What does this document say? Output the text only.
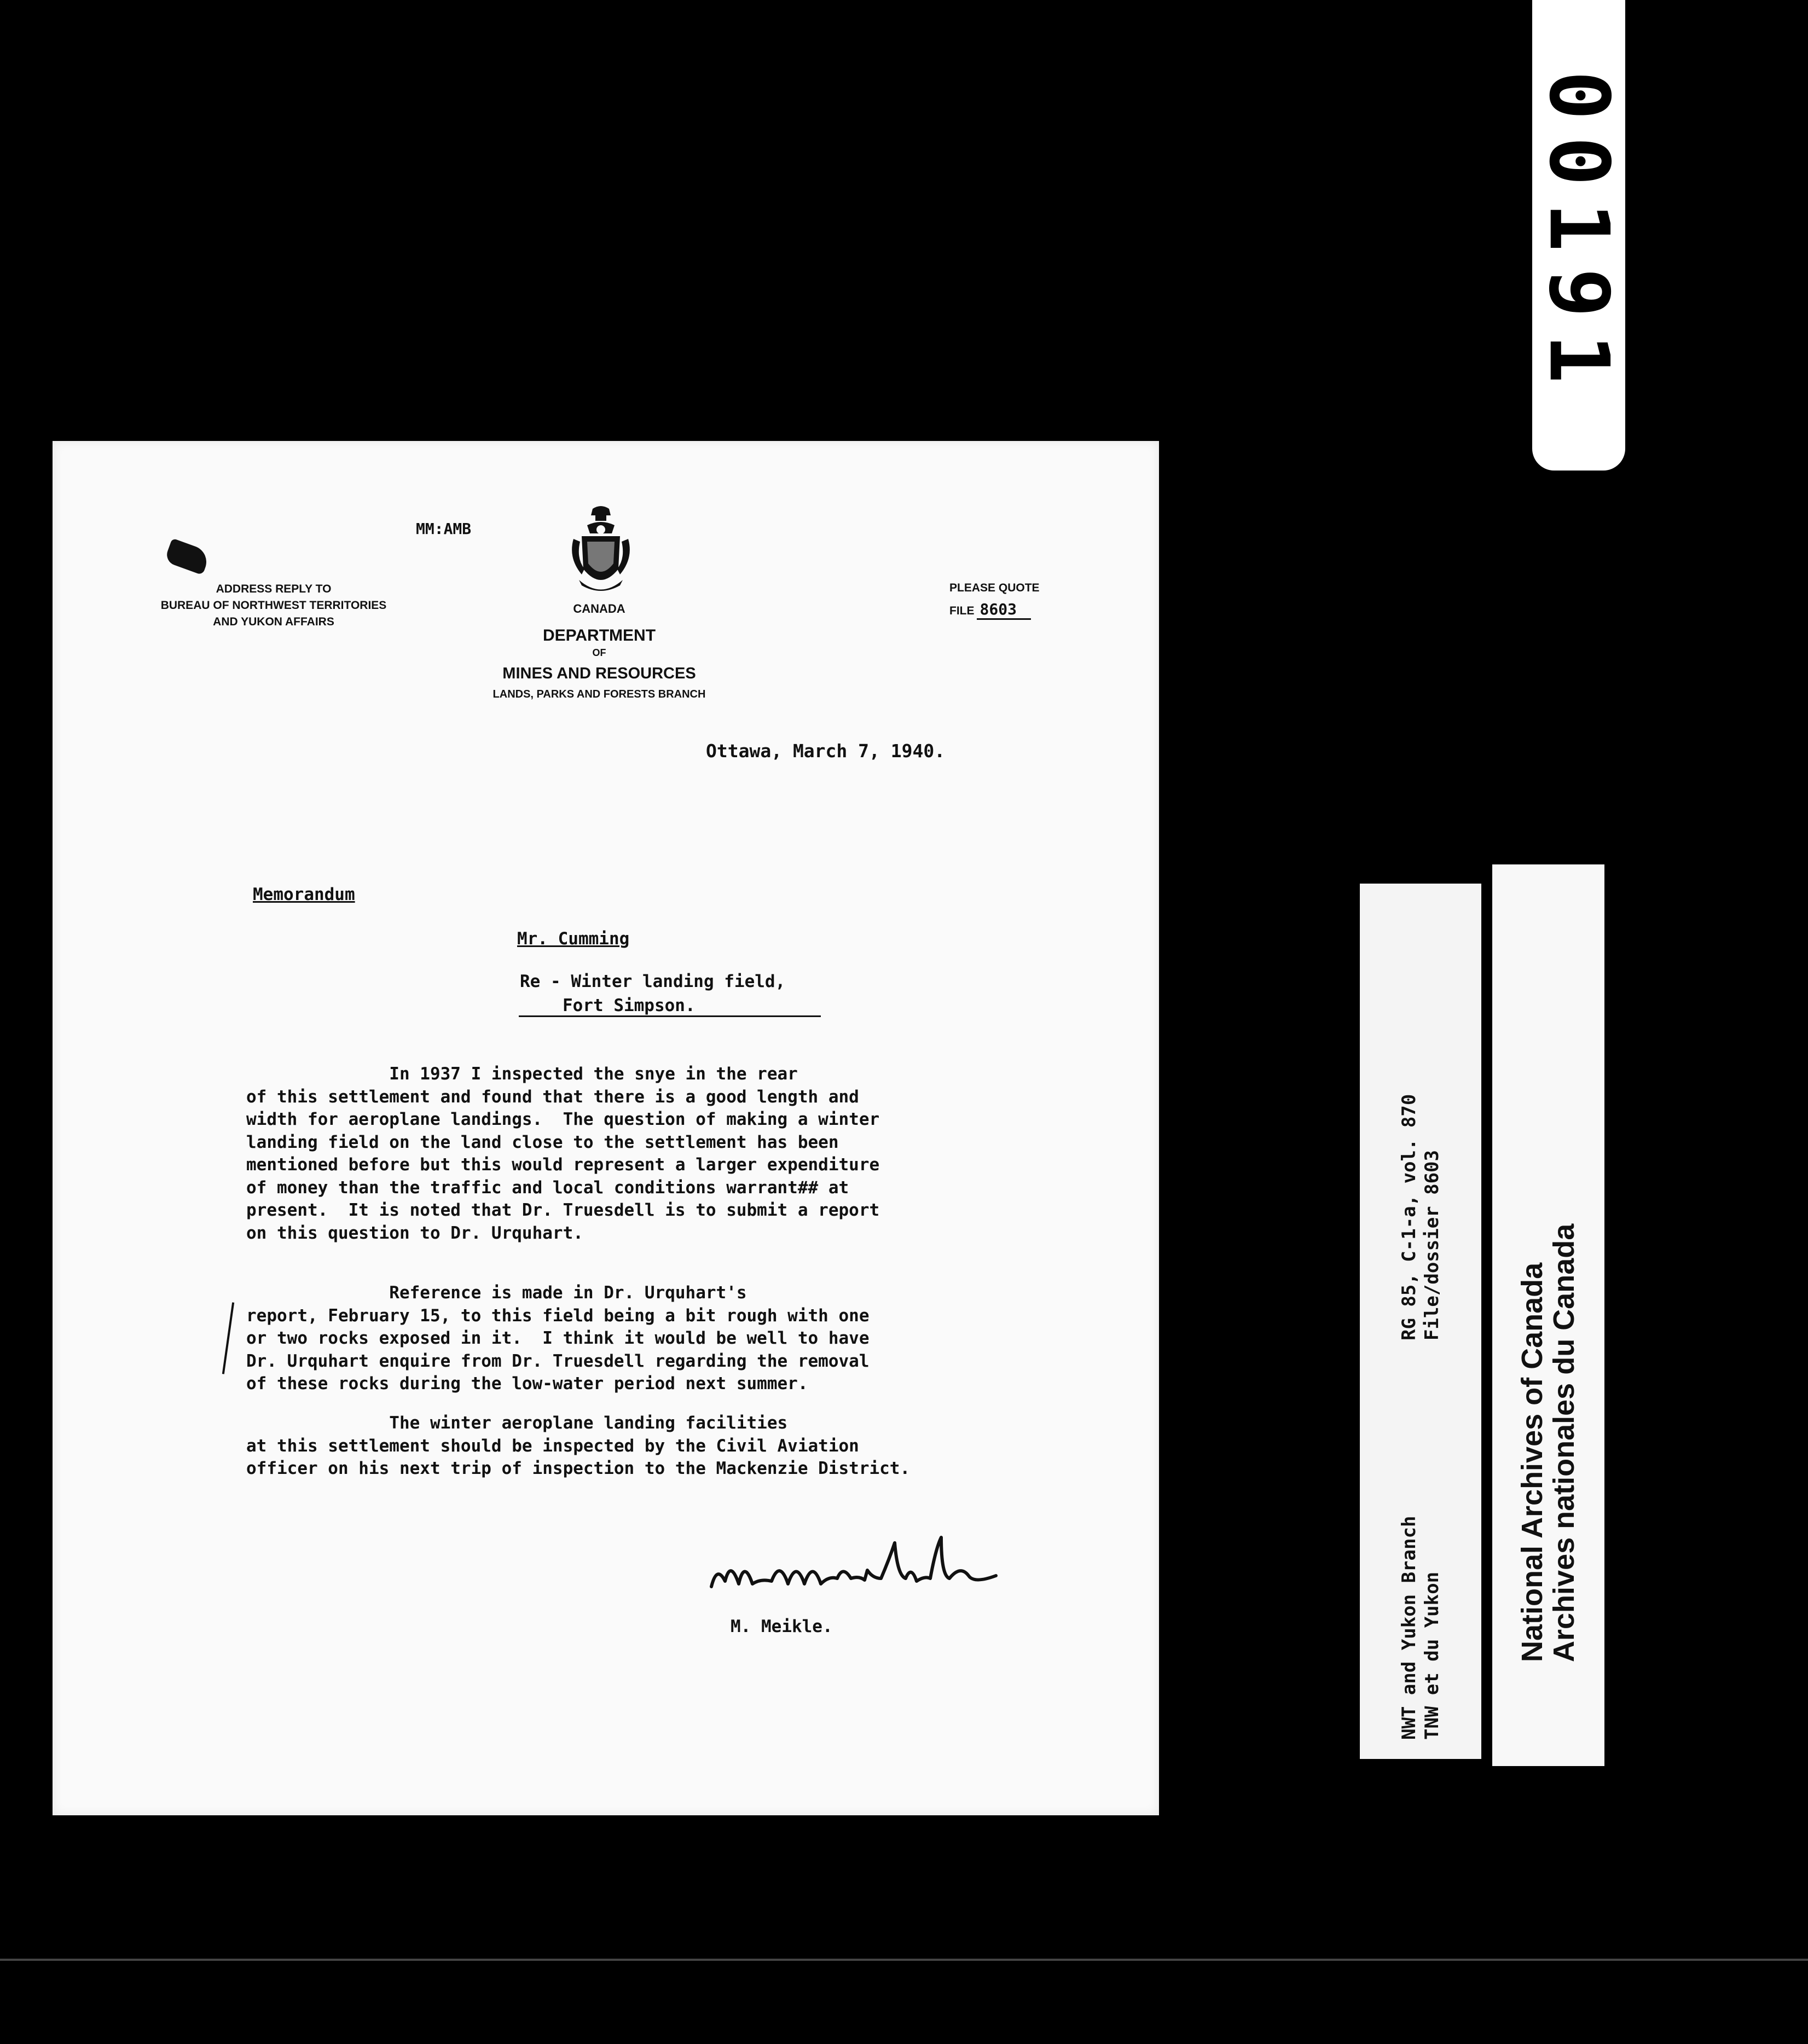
00191
MM:AMB
ADDRESS REPLY TO
BUREAU OF NORTHWEST TERRITORIES
AND YUKON AFFAIRS
CANADA
DEPARTMENT
OF
MINES AND RESOURCES
LANDS, PARKS AND FORESTS BRANCH
PLEASE QUOTE
FILE 8603
Ottawa, March 7, 1940.
Memorandum
Mr. Cumming
Re - Winter landing field,
Fort Simpson.
In 1937 I inspected the snye in the rear
of this settlement and found that there is a good length and
width for aeroplane landings.  The question of making a winter
landing field on the land close to the settlement has been
mentioned before but this would represent a larger expenditure
of money than the traffic and local conditions warrant## at
present.  It is noted that Dr. Truesdell is to submit a report
on this question to Dr. Urquhart.
Reference is made in Dr. Urquhart's
report, February 15, to this field being a bit rough with one
or two rocks exposed in it.  I think it would be well to have
Dr. Urquhart enquire from Dr. Truesdell regarding the removal
of these rocks during the low-water period next summer.
The winter aeroplane landing facilities
at this settlement should be inspected by the Civil Aviation
officer on his next trip of inspection to the Mackenzie District.
M. Meikle.	NWT and Yukon Branch TNW et du Yukon
RG 85, C-1-a, vol. 870 File/dossier 8603
National Archives of Canada
Archives nationales du Canada
